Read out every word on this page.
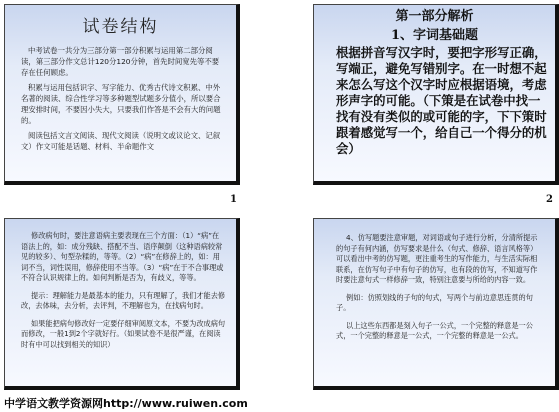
试卷结构

中考试卷一共分为三部分第一部分积累与运用第二部分阅读，第三部分作文总计120分120分钟，首先时间宽先等不要存在任何顾虑。

积累与运用包括识字、写字能力、优秀古代诗文积累、中外名著的阅读、综合性学习等多种题型试题多分值小，所以要合理安排时间，不要因小失大，只要我们作答是不会有大的问题的。

阅读包括文言文阅读、现代文阅读（说明文或议论文、记叙文）作文可能是话题、材料、半命题作文

第一部分解析
1、字词基础题
根据拼音写汉字时，要把字形写正确，写端正，避免写错别字。在一时想不起来怎么写这个汉字时应根据语境，考虑形声字的可能。（下策是在试卷中找一找有没有类似的或可能的字，下下策时跟着感觉写一个，给自己一个得分的机会）

修改病句时，要注意语病主要表现在三个方面：（1）“病”在语法上的，如：成分残缺、搭配不当、语序颠倒（这种语病较常见的较多）、句型杂糅的，等等。（2）“病”在修辞上的，如：用词不当，词性误用，修辞使用不当等。（3）“病”在于不合事理或不符合认识规律上的。如何判断是否为，有歧义，等等。

提示：理解能力是最基本的能力，只有理解了，我们才能去修改，去体味，去分析，去评判，不理解也为，在找病句时。

如果能把病句修改好一定要仔细审阅原文本，不要为改成病句而修改，一般1到2个字就好行。（如果试卷不是很严谨，在阅读时有中可以找到相关的知识）

4、仿写题要注意审题，对词语或句子进行分析，分清所提示的句子有何内涵，仿写要求是什么（句式、修辞、语言风格等）可以看出中考的仿写题，更注重考生的写作能力，与生活实际相联系，在仿写句子中有句子的仿写，也有段的仿写，不知道写作时要注意句式一样修辞一致，特别注意要与所给的内容一致。

例如：仿照划线的子句的句式，写两个与前边意思连贯的句子。

以上这些东西都是刻入句子一公式，一个完整的释意是一公式，一个完整的释意是一公式，一个完整的释意是一公式。

1	2
中学语文教学资源网http://www.ruiwen.com
